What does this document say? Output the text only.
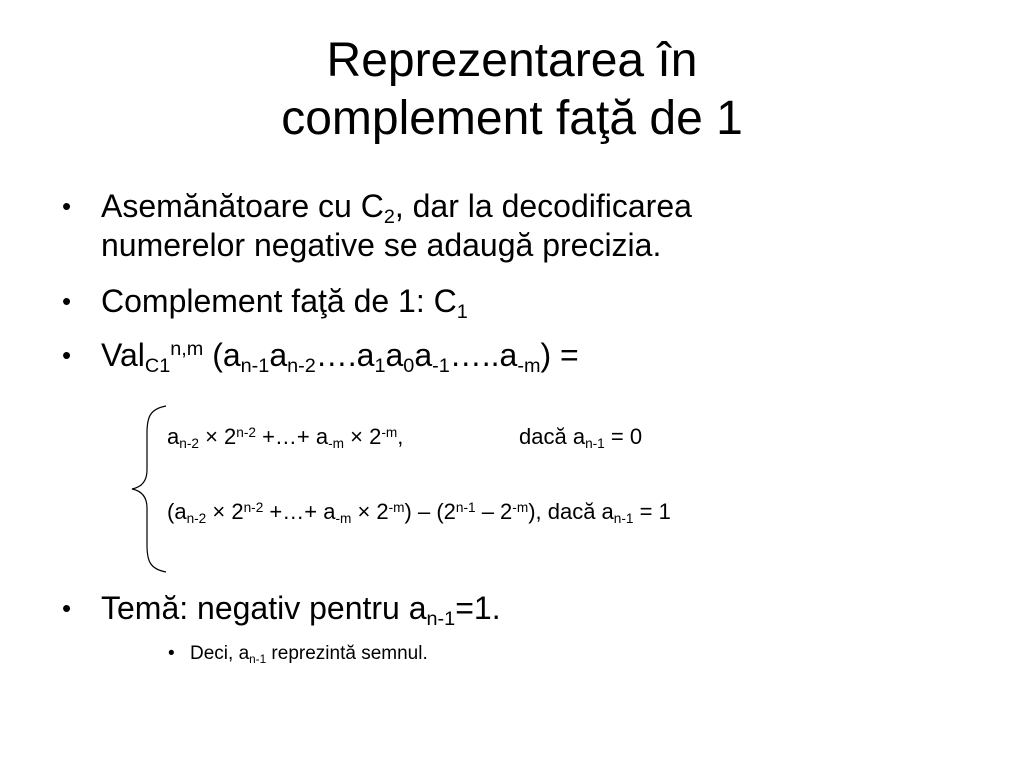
Reprezentarea în
complement faţă de 1
• Asemănătoare cu $C_2$, dar la decodificarea
numerelor negative se adaugă precizia.
• Complement faţă de 1: $C_1$
• Val$_{C1}^{n,m}$ $(a_{n-1}a_{n-2}\dots.a_1a_0a_{-1}\dots..a_{-m})$ =
$a_{n-2} \times 2^{n-2}$ +…+ $a_{-m} \times 2^{-m}$,	dacă $a_{n-1} = 0$
($a_{n-2} \times 2^{n-2}$ +…+ $a_{-m} \times 2^{-m}) - (2^{n-1} - 2^{-m})$, dacă $a_{n-1} = 1$
• Temă: negativ pentru $a_{n-1}=1$.
• Deci, $a_{n-1}$ reprezintă semnul.
